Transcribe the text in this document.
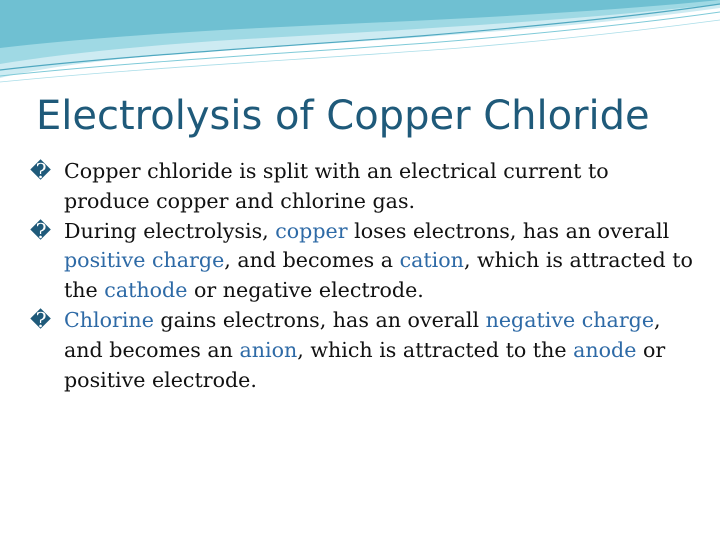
Electrolysis of Copper Chloride
� Copper chloride is split with an electrical current to produce copper and chlorine gas.
� During electrolysis, copper loses electrons, has an overall positive charge, and becomes a cation, which is attracted to the cathode or negative electrode.
� Chlorine gains electrons, has an overall negative charge, and becomes an anion, which is attracted to the anode or positive electrode.
